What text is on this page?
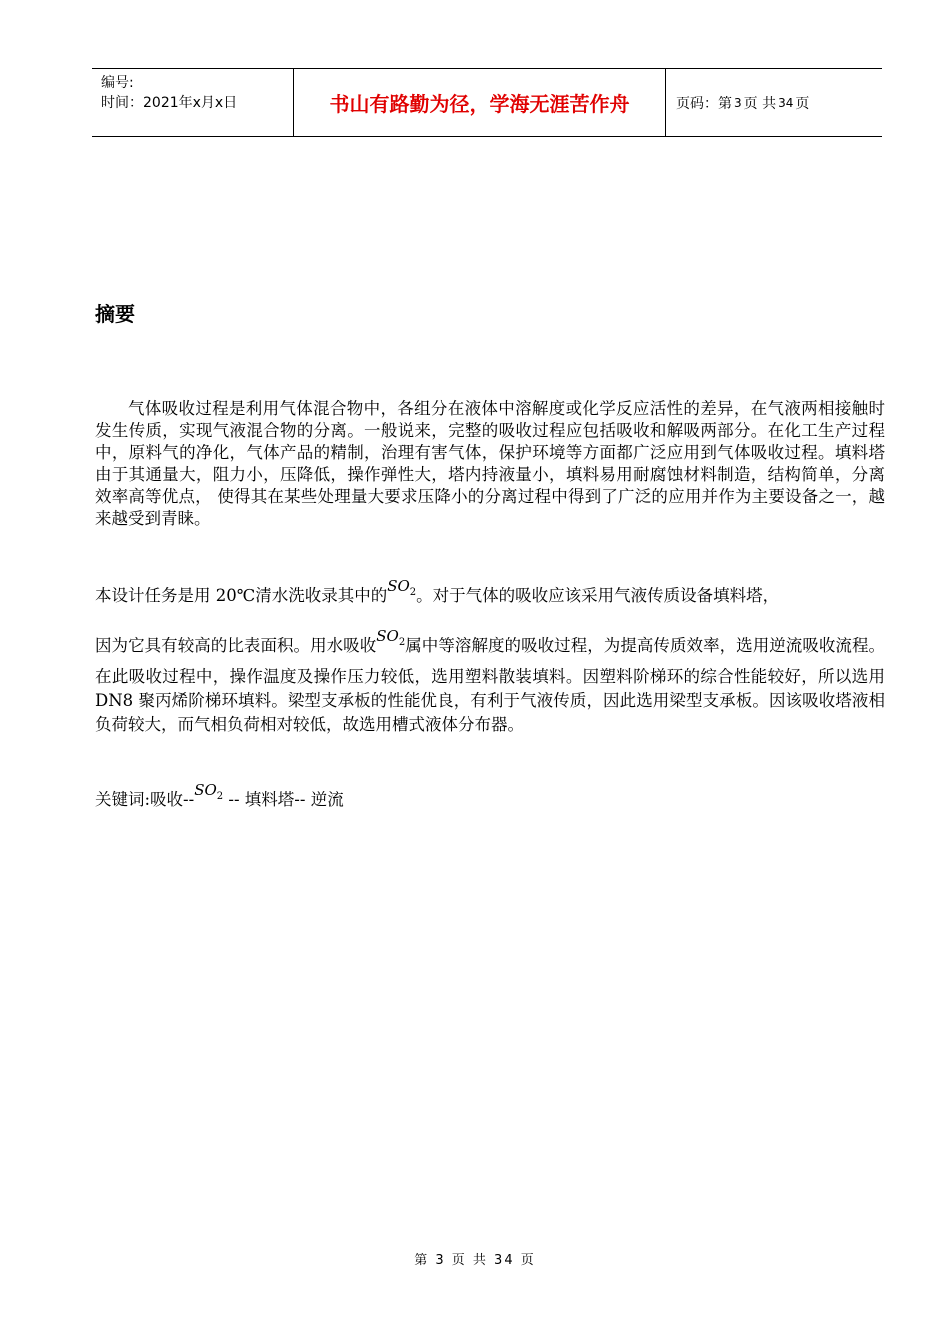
编号:
时间：2021年x月x日	书山有路勤为径，学海无涯苦作舟	页码：第 3 页 共 34 页
摘要
气体吸收过程是利用气体混合物中，各组分在液体中溶解度或化学反应活性的差异，在气液两相接触时发生传质，实现气液混合物的分离。一般说来，完整的吸收过程应包括吸收和解吸两部分。在化工生产过程中，原料气的净化，气体产品的精制，治理有害气体，保护环境等方面都广泛应用到气体吸收过程。填料塔由于其通量大，阻力小，压降低，操作弹性大，塔内持液量小，填料易用耐腐蚀材料制造，结构简单，分离效率高等优点， 使得其在某些处理量大要求压降小的分离过程中得到了广泛的应用并作为主要设备之一，越来越受到青睐。
本设计任务是用 20℃清水洗收录其中的$SO_2$。对于气体的吸收应该采用气液传质设备填料塔，
因为它具有较高的比表面积。用水吸收$SO_2$属中等溶解度的吸收过程，为提高传质效率，选用逆流吸收流程。在此吸收过程中，操作温度及操作压力较低，选用塑料散装填料。因塑料阶梯环的综合性能较好，所以选用 DN8 聚丙烯阶梯环填料。梁型支承板的性能优良，有利于气液传质，因此选用梁型支承板。因该吸收塔液相负荷较大，而气相负荷相对较低，故选用槽式液体分布器。
关键词:吸收$--SO_2$ -- 填料塔-- 逆流
第 3 页 共 34 页
